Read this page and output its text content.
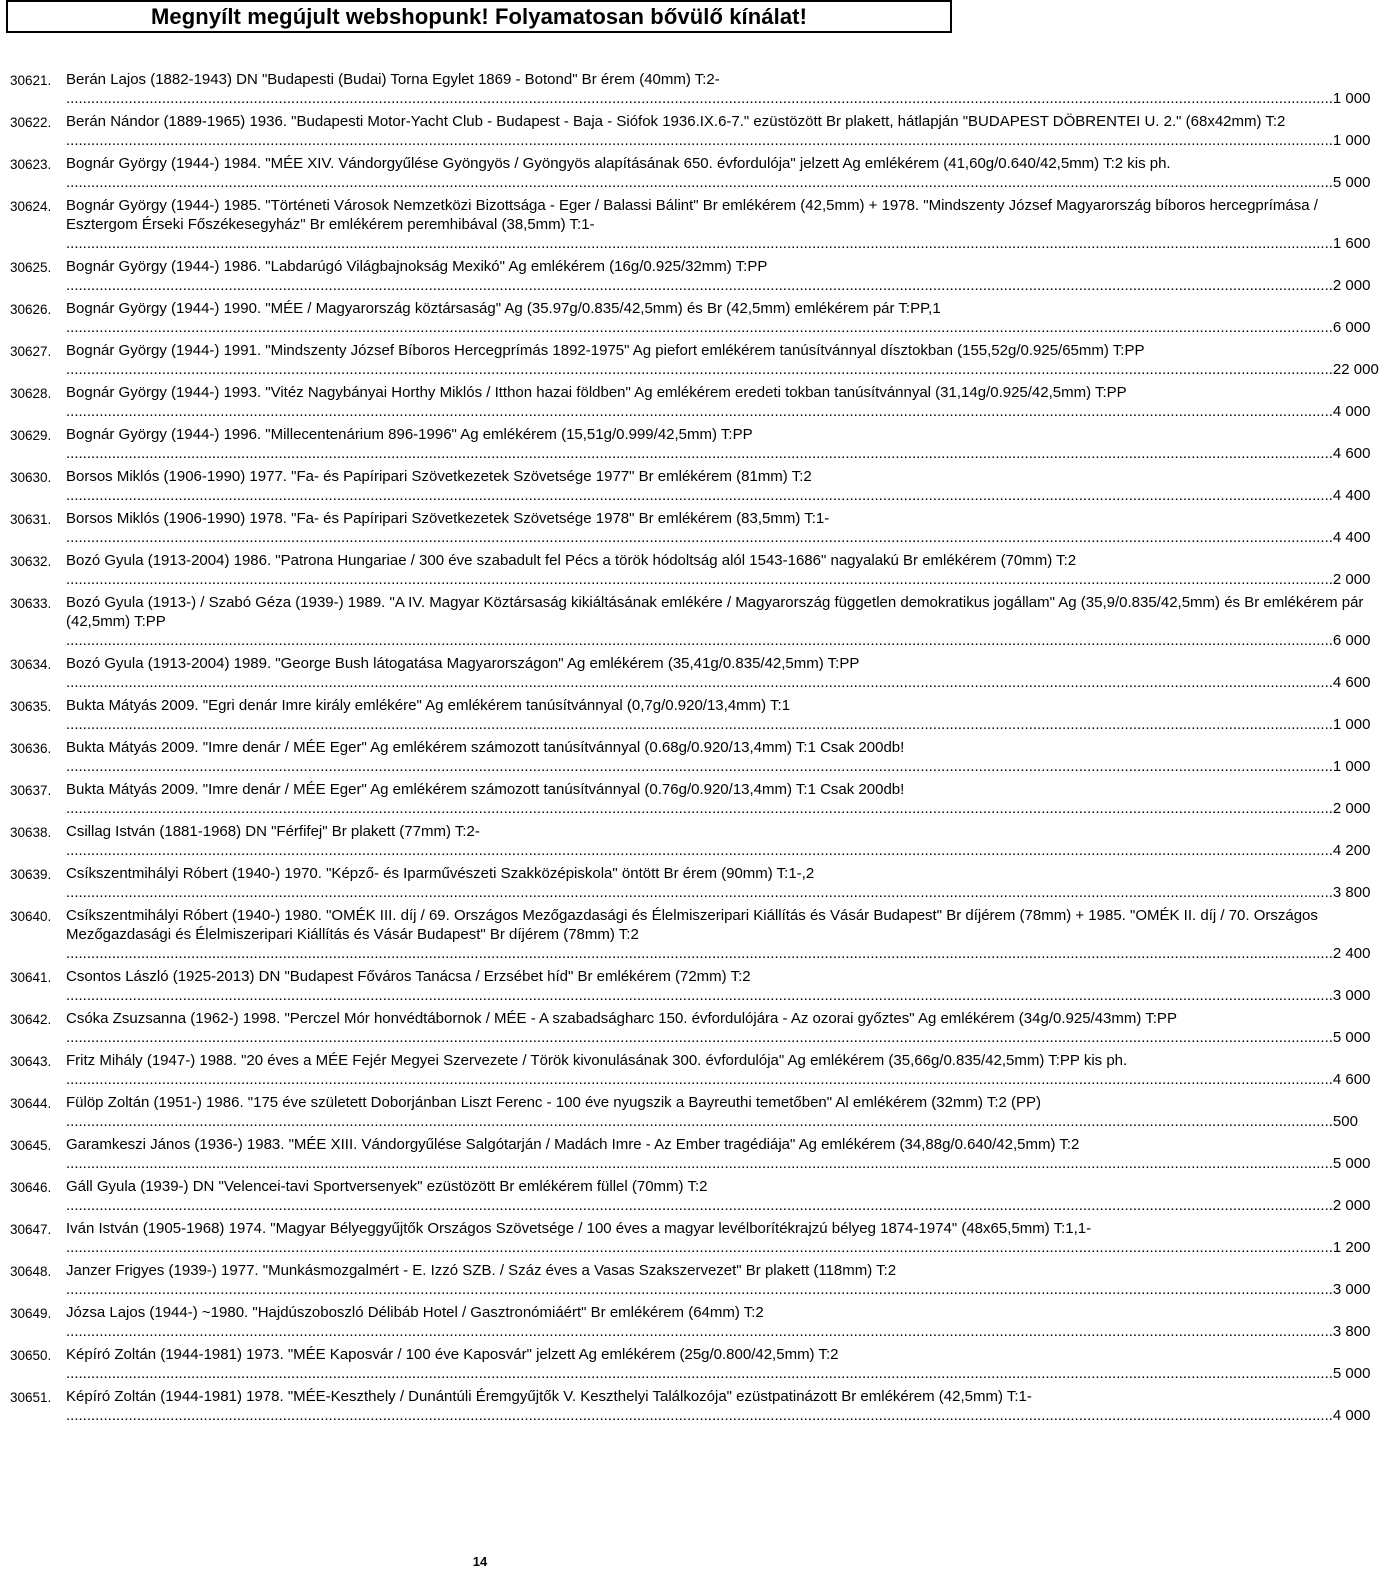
Megnyílt megújult webshopunk! Folyamatosan bővülő kínálat!
30621. Berán Lajos (1882-1943) DN "Budapesti (Budai) Torna Egylet 1869 - Botond" Br érem (40mm) T:2-
.....
1 000
30622. Berán Nándor (1889-1965) 1936. "Budapesti Motor-Yacht Club - Budapest - Baja - Siófok 1936.IX.6-7." ezüstözött Br plakett, hátlapján "BUDAPEST DÖBRENTEI U. 2." (68x42mm) T:2
.....
1 000
30623. Bognár György (1944-) 1984. "MÉE XIV. Vándorgyűlése Gyöngyös / Gyöngyös alapításának 650. évfordulója" jelzett Ag emlékérem (41,60g/0.640/42,5mm) T:2 kis ph.
.....
5 000
30624. Bognár György (1944-) 1985. "Történeti Városok Nemzetközi Bizottsága - Eger / Balassi Bálint" Br emlékérem (42,5mm) + 1978. "Mindszenty József Magyarország bíboros hercegprímása / Esztergom Érseki Főszékesegyház" Br emlékérem peremhibával (38,5mm) T:1-
.....
1 600
30625. Bognár György (1944-) 1986. "Labdarúgó Világbajnokság Mexikó" Ag emlékérem (16g/0.925/32mm) T:PP
.....
2 000
30626. Bognár György (1944-) 1990. "MÉE / Magyarország köztársaság" Ag (35.97g/0.835/42,5mm) és Br (42,5mm) emlékérem pár T:PP,1
.....
6 000
30627. Bognár György (1944-) 1991. "Mindszenty József Bíboros Hercegprímás 1892-1975" Ag piefort emlékérem tanúsítvánnyal dísztokban (155,52g/0.925/65mm) T:PP
.....
22 000
30628. Bognár György (1944-) 1993. "Vitéz Nagybányai Horthy Miklós / Itthon hazai földben" Ag emlékérem eredeti tokban tanúsítvánnyal (31,14g/0.925/42,5mm) T:PP
.....
4 000
30629. Bognár György (1944-) 1996. "Millecentenárium 896-1996" Ag emlékérem (15,51g/0.999/42,5mm) T:PP
.....
4 600
30630. Borsos Miklós (1906-1990) 1977. "Fa- és Papíripari Szövetkezetek Szövetsége 1977" Br emlékérem (81mm) T:2
.....
4 400
30631. Borsos Miklós (1906-1990) 1978. "Fa- és Papíripari Szövetkezetek Szövetsége 1978" Br emlékérem (83,5mm) T:1-
.....
4 400
30632. Bozó Gyula (1913-2004) 1986. "Patrona Hungariae / 300 éve szabadult fel Pécs a török hódoltság alól 1543-1686" nagyalakú Br emlékérem (70mm) T:2
.....
2 000
30633. Bozó Gyula (1913-) / Szabó Géza (1939-) 1989. "A IV. Magyar Köztársaság kikiáltásának emlékére / Magyarország független demokratikus jogállam" Ag (35,9/0.835/42,5mm) és Br emlékérem pár (42,5mm) T:PP
.....
6 000
30634. Bozó Gyula (1913-2004) 1989. "George Bush látogatása Magyarországon" Ag emlékérem (35,41g/0.835/42,5mm) T:PP
.....
4 600
30635. Bukta Mátyás 2009. "Egri denár Imre király emlékére" Ag emlékérem tanúsítvánnyal (0,7g/0.920/13,4mm) T:1
.....
1 000
30636. Bukta Mátyás 2009. "Imre denár / MÉE Eger" Ag emlékérem számozott tanúsítvánnyal (0.68g/0.920/13,4mm) T:1 Csak 200db!
.....
1 000
30637. Bukta Mátyás 2009. "Imre denár / MÉE Eger" Ag emlékérem számozott tanúsítvánnyal (0.76g/0.920/13,4mm) T:1 Csak 200db!
.....
2 000
30638. Csillag István (1881-1968) DN "Férfifej" Br plakett (77mm) T:2-
.....
4 200
30639. Csíkszentmihályi Róbert (1940-) 1970. "Képző- és Iparművészeti Szakközépiskola" öntött Br érem (90mm) T:1-,2
.....
3 800
30640. Csíkszentmihályi Róbert (1940-) 1980. "OMÉK III. díj / 69. Országos Mezőgazdasági és Élelmiszeripari Kiállítás és Vásár Budapest" Br díjérem (78mm) + 1985. "OMÉK II. díj / 70. Országos Mezőgazdasági és Élelmiszeripari Kiállítás és Vásár Budapest" Br díjérem (78mm) T:2
.....
2 400
30641. Csontos László (1925-2013) DN "Budapest Főváros Tanácsa / Erzsébet híd" Br emlékérem (72mm) T:2
.....
3 000
30642. Csóka Zsuzsanna (1962-) 1998. "Perczel Mór honvédtábornok / MÉE - A szabadságharc 150. évfordulójára - Az ozorai győztes" Ag emlékérem (34g/0.925/43mm) T:PP
.....
5 000
30643. Fritz Mihály (1947-) 1988. "20 éves a MÉE Fejér Megyei Szervezete / Török kivonulásának 300. évfordulója" Ag emlékérem (35,66g/0.835/42,5mm) T:PP kis ph.
.....
4 600
30644. Fülöp Zoltán (1951-) 1986. "175 éve született Doborjánban Liszt Ferenc - 100 éve nyugszik a Bayreuthi temetőben" Al emlékérem (32mm) T:2 (PP)
.....
500
30645. Garamkeszi János (1936-) 1983. "MÉE XIII. Vándorgyűlése Salgótarján / Madách Imre - Az Ember tragédiája" Ag emlékérem (34,88g/0.640/42,5mm) T:2
.....
5 000
30646. Gáll Gyula (1939-) DN "Velencei-tavi Sportversenyek" ezüstözött Br emlékérem füllel (70mm) T:2
.....
2 000
30647. Iván István (1905-1968) 1974. "Magyar Bélyeggyűjtők Országos Szövetsége / 100 éves a magyar levélborítékrajzú bélyeg 1874-1974" (48x65,5mm) T:1,1-
.....
1 200
30648. Janzer Frigyes (1939-) 1977. "Munkásmozgalmért - E. Izzó SZB. / Száz éves a Vasas Szakszervezet" Br plakett (118mm) T:2
.....
3 000
30649. Józsa Lajos (1944-) ~1980. "Hajdúszoboszló Délibáb Hotel / Gasztronómiáért" Br emlékérem (64mm) T:2
.....
3 800
30650. Képíró Zoltán (1944-1981) 1973. "MÉE Kaposvár / 100 éve Kaposvár" jelzett Ag emlékérem (25g/0.800/42,5mm) T:2
.....
5 000
30651. Képíró Zoltán (1944-1981) 1978. "MÉE-Keszthely / Dunántúli Éremgyűjtők V. Keszthelyi Találkozója" ezüstpatinázott Br emlékérem (42,5mm) T:1-
.....
4 000
14
